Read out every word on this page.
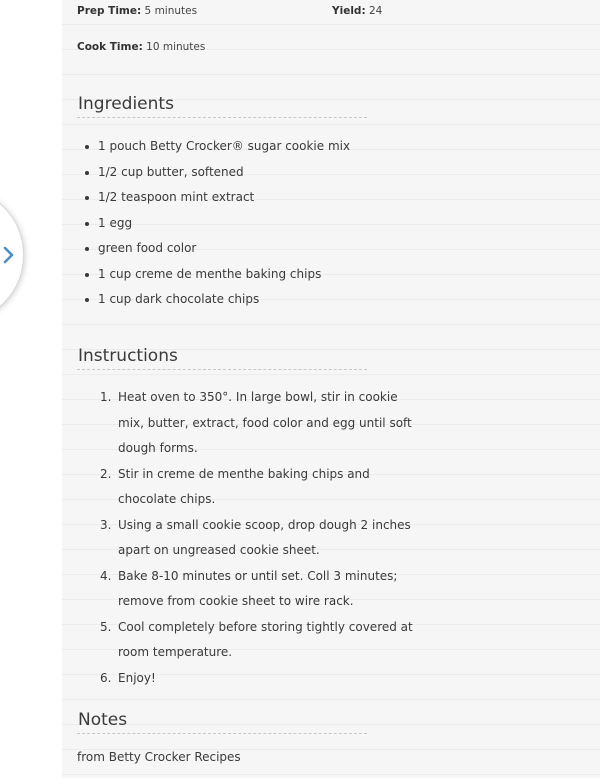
Prep Time: 5 minutes	Yield: 24
Cook Time: 10 minutes
Ingredients
1 pouch Betty Crocker® sugar cookie mix
1/2 cup butter, softened
1/2 teaspoon mint extract
1 egg
green food color
1 cup creme de menthe baking chips
1 cup dark chocolate chips
Instructions
1. Heat oven to 350°. In large bowl, stir in cookie mix, butter, extract, food color and egg until soft dough forms.
2. Stir in creme de menthe baking chips and chocolate chips.
3. Using a small cookie scoop, drop dough 2 inches apart on ungreased cookie sheet.
4. Bake 8-10 minutes or until set. Coll 3 minutes; remove from cookie sheet to wire rack.
5. Cool completely before storing tightly covered at room temperature.
6. Enjoy!
Notes
from Betty Crocker Recipes
